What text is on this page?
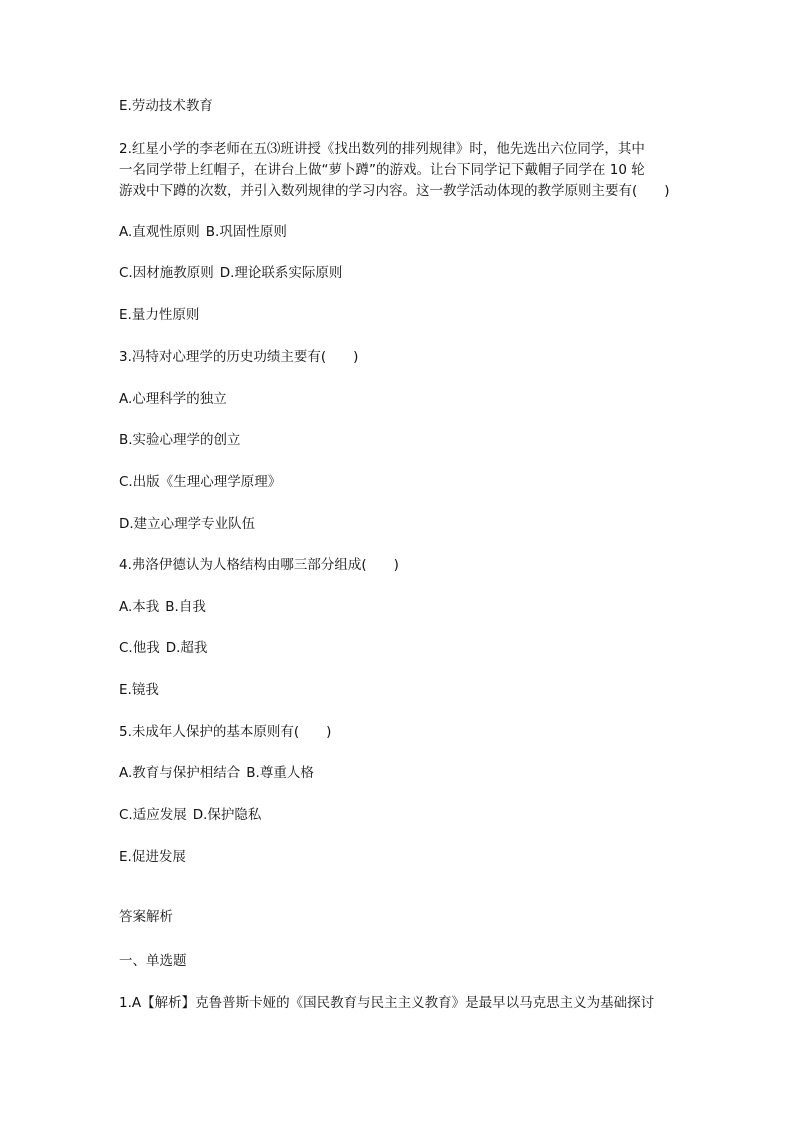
E.劳动技术教育
2.红星小学的李老师在五⑶班讲授《找出数列的排列规律》时，他先选出六位同学，其中
一名同学带上红帽子，在讲台上做“萝卜蹲”的游戏。让台下同学记下戴帽子同学在 10 轮
游戏中下蹲的次数，并引入数列规律的学习内容。这一教学活动体现的教学原则主要有(　　)
A.直观性原则 B.巩固性原则
C.因材施教原则 D.理论联系实际原则
E.量力性原则
3.冯特对心理学的历史功绩主要有(　　)
A.心理科学的独立
B.实验心理学的创立
C.出版《生理心理学原理》
D.建立心理学专业队伍
4.弗洛伊德认为人格结构由哪三部分组成(　　)
A.本我 B.自我
C.他我 D.超我
E.镜我
5.未成年人保护的基本原则有(　　)
A.教育与保护相结合 B.尊重人格
C.适应发展 D.保护隐私
E.促进发展
答案解析
一、单选题
1.A【解析】克鲁普斯卡娅的《国民教育与民主主义教育》是最早以马克思主义为基础探讨
